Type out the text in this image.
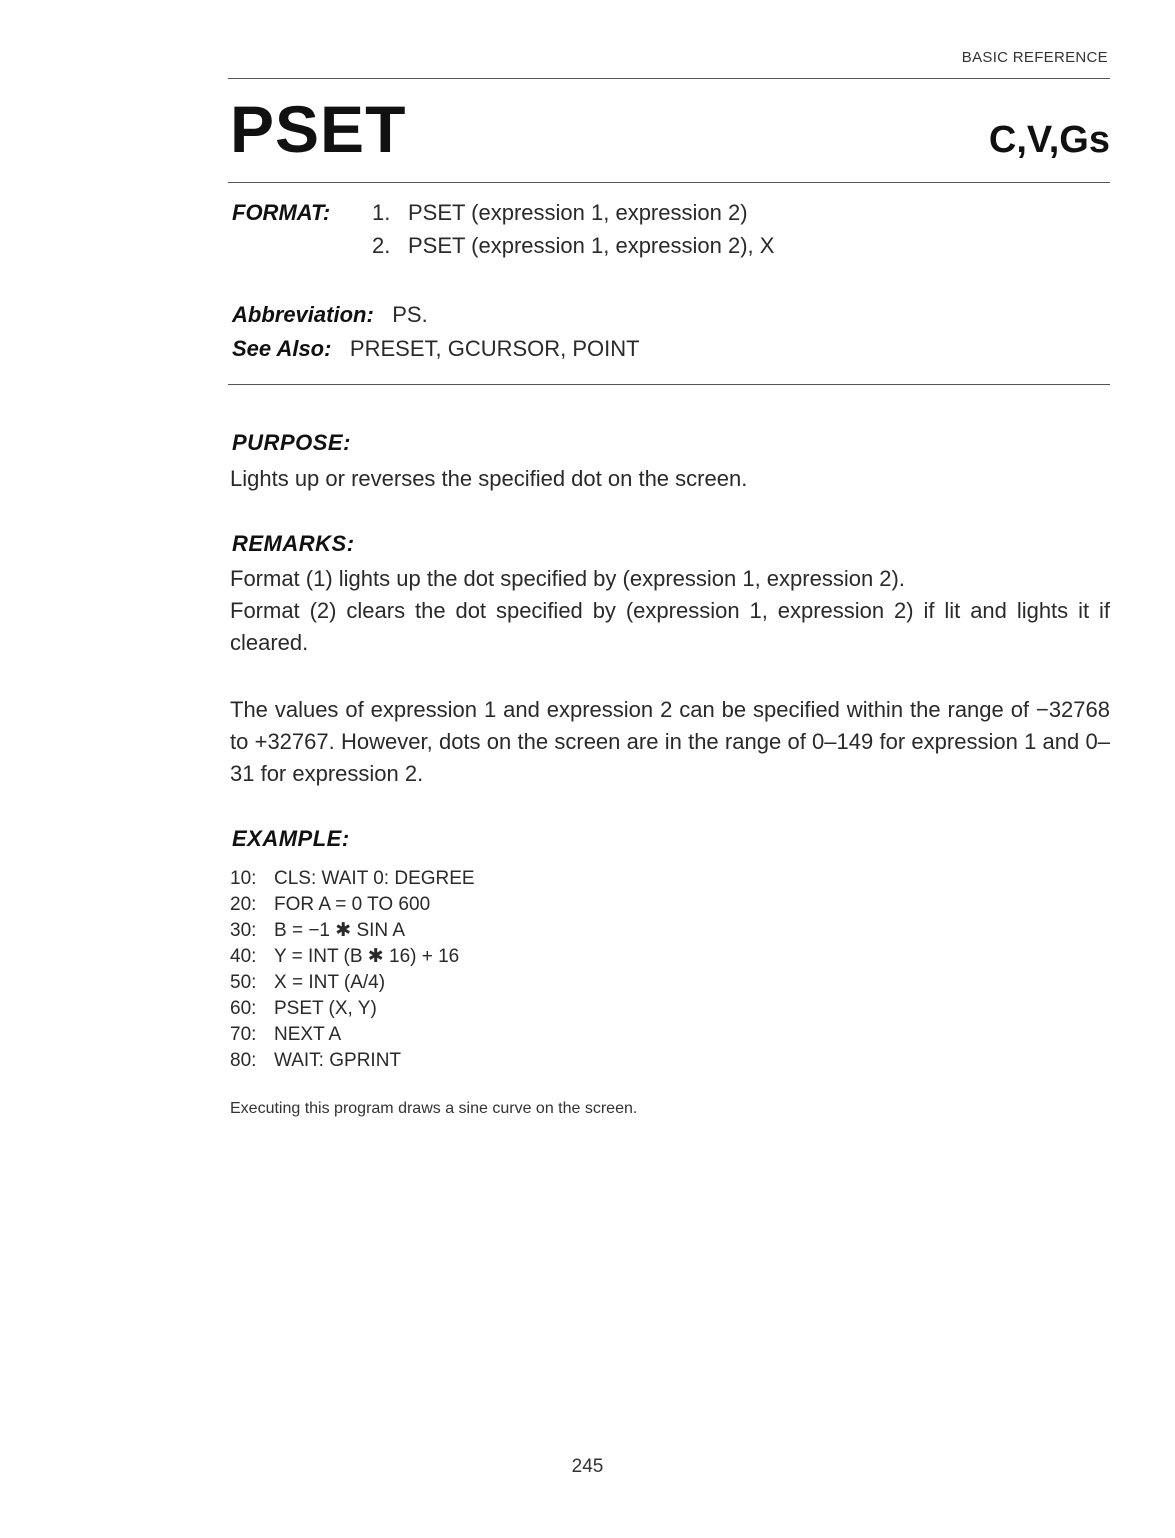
BASIC REFERENCE
PSET	C,V,Gs
FORMAT: 1. PSET (expression 1, expression 2)
2. PSET (expression 1, expression 2), X
Abbreviation: PS.
See Also: PRESET, GCURSOR, POINT
PURPOSE:
Lights up or reverses the specified dot on the screen.
REMARKS:
Format (1) lights up the dot specified by (expression 1, expression 2).
Format (2) clears the dot specified by (expression 1, expression 2) if lit and lights it if cleared.
The values of expression 1 and expression 2 can be specified within the range of −32768 to +32767. However, dots on the screen are in the range of 0–149 for expression 1 and 0–31 for expression 2.
EXAMPLE:
10: CLS: WAIT 0: DEGREE
20: FOR A = 0 TO 600
30: B = −1 ✱ SIN A
40: Y = INT (B ✱ 16) + 16
50: X = INT (A/4)
60: PSET (X, Y)
70: NEXT A
80: WAIT: GPRINT
Executing this program draws a sine curve on the screen.
245
